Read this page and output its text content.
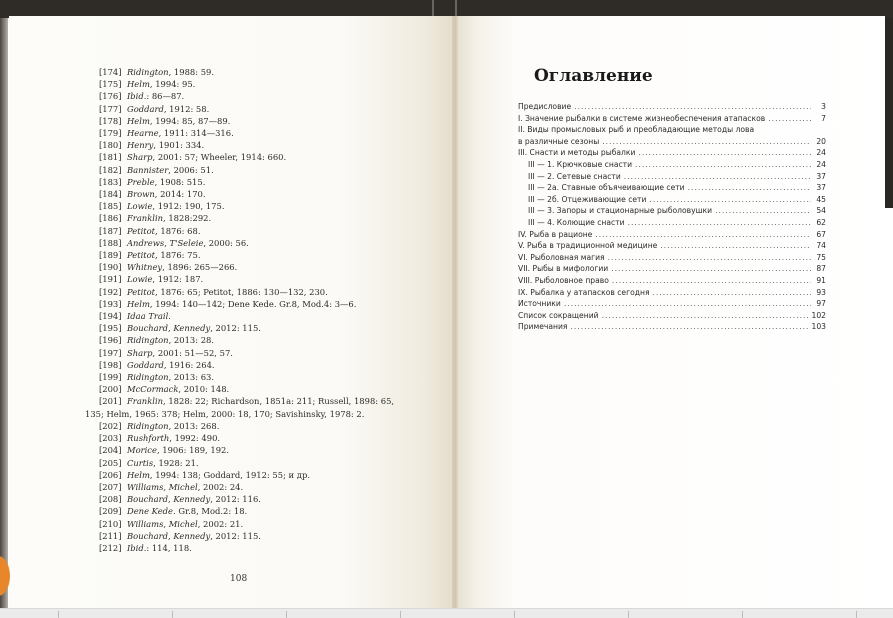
[174] Ridington, 1988: 59.
[175] Helm, 1994: 95.
[176] Ibid.: 86—87.
[177] Goddard, 1912: 58.
[178] Helm, 1994: 85, 87—89.
[179] Hearne, 1911: 314—316.
[180] Henry, 1901: 334.
[181] Sharp, 2001: 57; Wheeler, 1914: 660.
[182] Bannister, 2006: 51.
[183] Preble, 1908: 515.
[184] Brown, 2014: 170.
[185] Lowie, 1912: 190, 175.
[186] Franklin, 1828:292.
[187] Petitot, 1876: 68.
[188] Andrews, T'Seleie, 2000: 56.
[189] Petitot, 1876: 75.
[190] Whitney, 1896: 265—266.
[191] Lowie, 1912: 187.
[192] Petitot, 1876: 65; Petitot, 1886: 130—132, 230.
[193] Helm, 1994: 140—142; Dene Kede. Gr.8, Mod.4: 3—6.
[194] Idaa Trail.
[195] Bouchard, Kennedy, 2012: 115.
[196] Ridington, 2013: 28.
[197] Sharp, 2001: 51—52, 57.
[198] Goddard, 1916: 264.
[199] Ridington, 2013: 63.
[200] McCormack, 2010: 148.
[201] Franklin, 1828: 22; Richardson, 1851a: 211; Russell, 1898: 65,
135; Helm, 1965: 378; Helm, 2000: 18, 170; Savishinsky, 1978: 2.
[202] Ridington, 2013: 268.
[203] Rushforth, 1992: 490.
[204] Morice, 1906: 189, 192.
[205] Curtis, 1928: 21.
[206] Helm, 1994: 138; Goddard, 1912: 55; и др.
[207] Williams, Michel, 2002: 24.
[208] Bouchard, Kennedy, 2012: 116.
[209] Dene Kede. Gr.8, Mod.2: 18.
[210] Williams, Michel, 2002: 21.
[211] Bouchard, Kennedy, 2012: 115.
[212] Ibid.: 114, 118.
108
Оглавление
Предисловие .....	3
I. Значение рыбалки в системе жизнеобеспечения атапасков .....	7
II. Виды промысловых рыб и преобладающие методы лова
в различные сезоны .....	20
III. Снасти и методы рыбалки .....	24
III — 1. Крючковые снасти .....	24
III — 2. Сетевые снасти .....	37
III — 2а. Ставные объячеивающие сети .....	37
III — 2б. Отцеживающие сети .....	45
III — 3. Запоры и стационарные рыболовушки .....	54
III — 4. Колющие снасти .....	62
IV. Рыба в рационе .....	67
V. Рыба в традиционной медицине .....	74
VI. Рыболовная магия .....	75
VII. Рыбы в мифологии .....	87
VIII. Рыболовное право .....	91
IX. Рыбалка у атапасков сегодня .....	93
Источники .....	97
Список сокращений .....	102
Примечания .....	103
